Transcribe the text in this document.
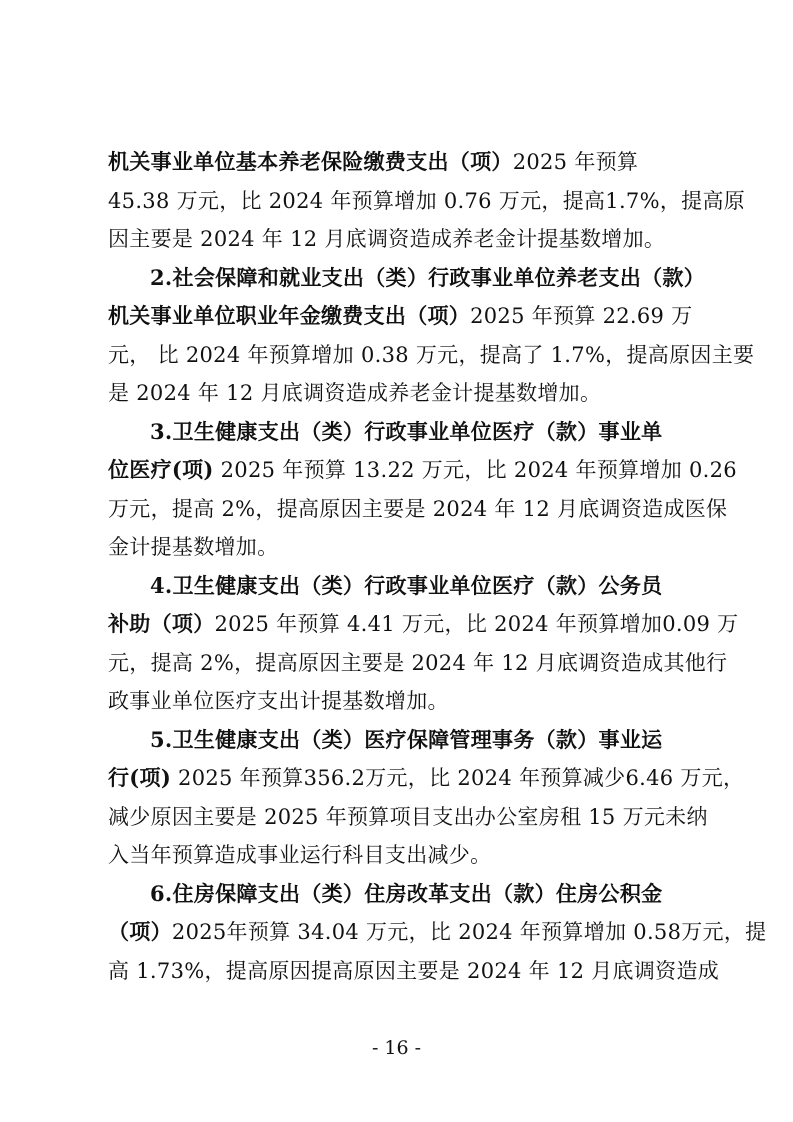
机关事业单位基本养老保险缴费支出（项）2025 年预算
45.38 万元，比 2024 年预算增加 0.76 万元，提高1.7%，提高原
因主要是 2024 年 12 月底调资造成养老金计提基数增加。
2.社会保障和就业支出（类）行政事业单位养老支出（款）
机关事业单位职业年金缴费支出（项）2025 年预算 22.69 万
元， 比 2024 年预算增加 0.38 万元，提高了 1.7%，提高原因主要
是 2024 年 12 月底调资造成养老金计提基数增加。
3.卫生健康支出（类）行政事业单位医疗（款）事业单
位医疗(项) 2025 年预算 13.22 万元，比 2024 年预算增加 0.26
万元，提高 2%，提高原因主要是 2024 年 12 月底调资造成医保
金计提基数增加。
4.卫生健康支出（类）行政事业单位医疗（款）公务员
补助（项）2025 年预算 4.41 万元，比 2024 年预算增加0.09 万
元，提高 2%，提高原因主要是 2024 年 12 月底调资造成其他行
政事业单位医疗支出计提基数增加。
5.卫生健康支出（类）医疗保障管理事务（款）事业运
行(项) 2025 年预算356.2万元，比 2024 年预算减少6.46 万元，
减少原因主要是 2025 年预算项目支出办公室房租 15 万元未纳
入当年预算造成事业运行科目支出减少。
6.住房保障支出（类）住房改革支出（款）住房公积金
（项）2025年预算 34.04 万元，比 2024 年预算增加 0.58万元，提
高 1.73%，提高原因提高原因主要是 2024 年 12 月底调资造成
- 16 -
